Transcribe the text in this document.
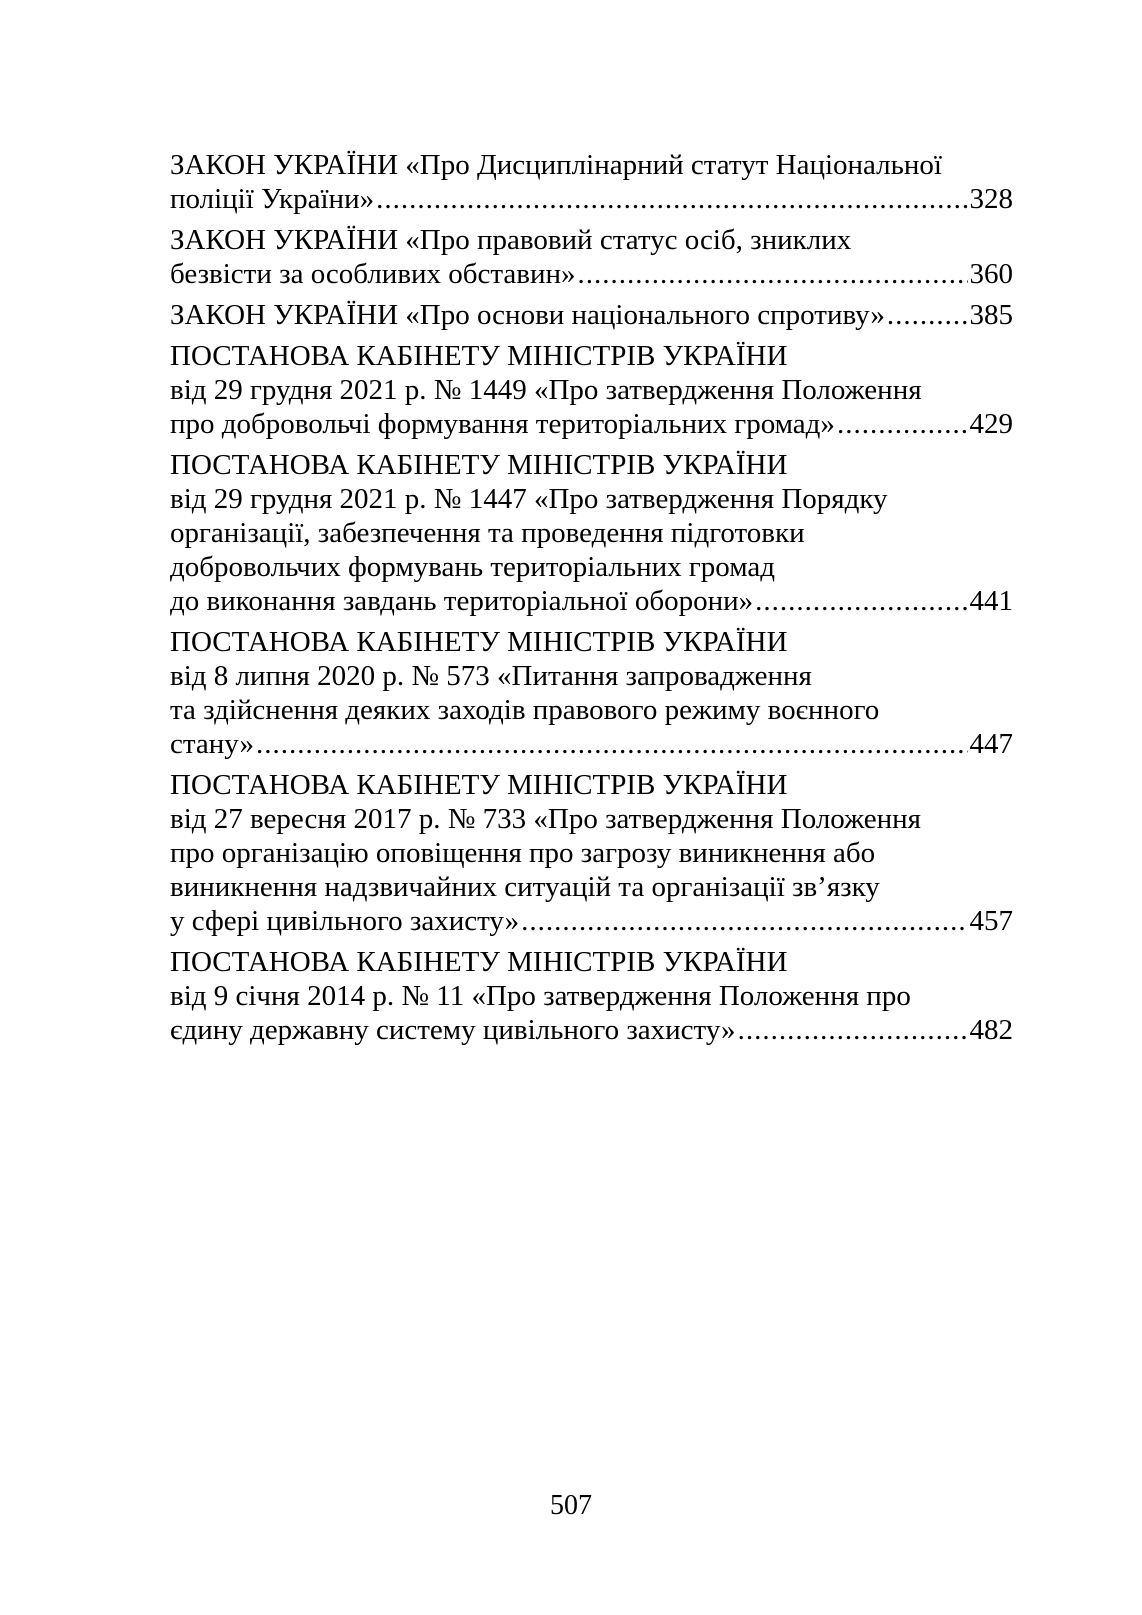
ЗАКОН УКРАЇНИ «Про Дисциплінарний статут Національної
поліції України» .....	328
ЗАКОН УКРАЇНИ «Про правовий статус осіб, зниклих
безвісти за особливих обставин» .....	360
ЗАКОН УКРАЇНИ «Про основи національного спротиву» .....	385
ПОСТАНОВА КАБІНЕТУ МІНІСТРІВ УКРАЇНИ
від 29 грудня 2021 р. № 1449 «Про затвердження Положення
про добровольчі формування територіальних громад» .....	429
ПОСТАНОВА КАБІНЕТУ МІНІСТРІВ УКРАЇНИ
від 29 грудня 2021 р. № 1447 «Про затвердження Порядку
організації, забезпечення та проведення підготовки
добровольчих формувань територіальних громад
до виконання завдань територіальної оборони» .....	441
ПОСТАНОВА КАБІНЕТУ МІНІСТРІВ УКРАЇНИ
від 8 липня 2020 р. № 573 «Питання запровадження
та здійснення деяких заходів правового режиму воєнного
стану» .....	447
ПОСТАНОВА КАБІНЕТУ МІНІСТРІВ УКРАЇНИ
від 27 вересня 2017 р. № 733 «Про затвердження Положення
про організацію оповіщення про загрозу виникнення або
виникнення надзвичайних ситуацій та організації зв’язку
у сфері цивільного захисту» .....	457
ПОСТАНОВА КАБІНЕТУ МІНІСТРІВ УКРАЇНИ
від 9 січня 2014 р. № 11 «Про затвердження Положення про
єдину державну систему цивільного захисту» .....	482
507
